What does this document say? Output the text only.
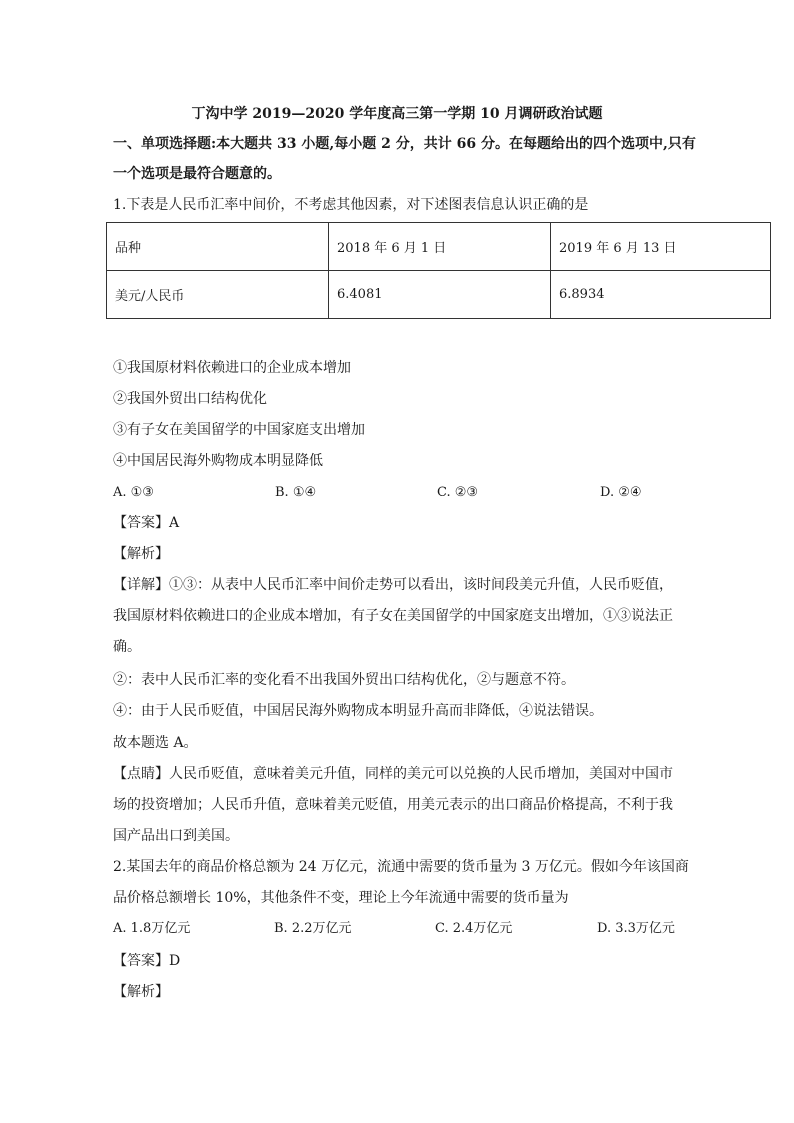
丁沟中学 2019—2020 学年度高三第一学期 10 月调研政治试题
一、单项选择题:本大题共 33 小题,每小题 2 分，共计 66 分。在每题给出的四个选项中,只有
一个选项是最符合题意的。
1.下表是人民币汇率中间价，不考虑其他因素，对下述图表信息认识正确的是
品种	2018 年 6 月 1 日	2019 年 6 月 13 日
美元/人民币	6.4081	6.8934
①我国原材料依赖进口的企业成本增加
②我国外贸出口结构优化
③有子女在美国留学的中国家庭支出增加
④中国居民海外购物成本明显降低
A. ①③	B. ①④	C. ②③	D. ②④
【答案】A
【解析】
【详解】①③：从表中人民币汇率中间价走势可以看出，该时间段美元升值，人民币贬值，
我国原材料依赖进口的企业成本增加，有子女在美国留学的中国家庭支出增加，①③说法正
确。
②：表中人民币汇率的变化看不出我国外贸出口结构优化，②与题意不符。
④：由于人民币贬值，中国居民海外购物成本明显升高而非降低，④说法错误。
故本题选 A。
【点睛】人民币贬值，意味着美元升值，同样的美元可以兑换的人民币增加，美国对中国市
场的投资增加；人民币升值，意味着美元贬值，用美元表示的出口商品价格提高，不利于我
国产品出口到美国。
2.某国去年的商品价格总额为 24 万亿元，流通中需要的货币量为 3 万亿元。假如今年该国商
品价格总额增长 10%，其他条件不变，理论上今年流通中需要的货币量为
A. 1.8万亿元	B. 2.2万亿元	C. 2.4万亿元	D. 3.3万亿元
【答案】D
【解析】
